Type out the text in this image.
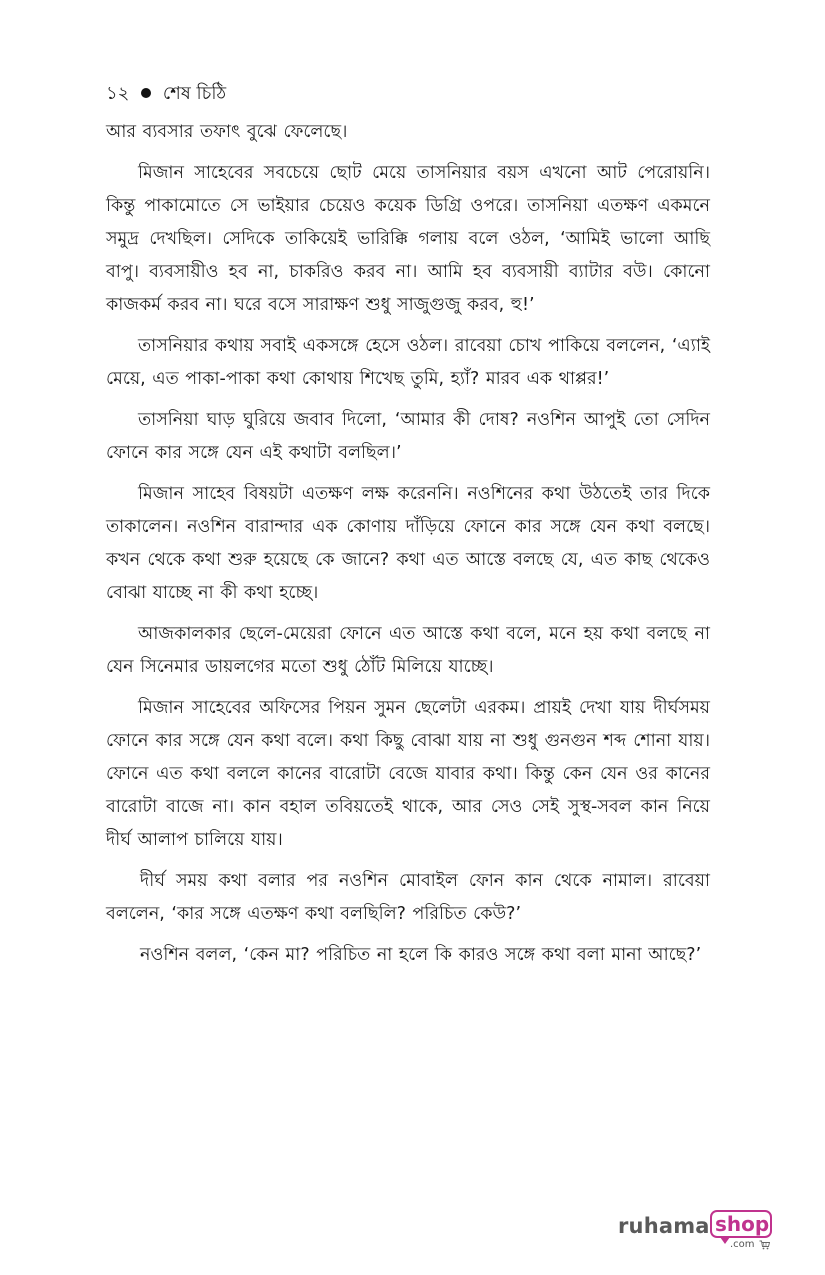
১২ শেষ চিঠি

আর ব্যবসার তফাৎ বুঝে ফেলেছে।

মিজান সাহেবের সবচেয়ে ছোট মেয়ে তাসনিয়ার বয়স এখনো আট পেরোয়নি। কিন্তু পাকামোতে সে ভাইয়ার চেয়েও কয়েক ডিগ্রি ওপরে। তাসনিয়া এতক্ষণ একমনে সমুদ্র দেখছিল। সেদিকে তাকিয়েই ভারিক্কি গলায় বলে ওঠল, ‘আমিই ভালো আছি বাপু। ব্যবসায়ীও হব না, চাকরিও করব না। আমি হব ব্যবসায়ী ব্যাটার বউ। কোনো কাজকর্ম করব না। ঘরে বসে সারাক্ষণ শুধু সাজুগুজু করব, হু!’

তাসনিয়ার কথায় সবাই একসঙ্গে হেসে ওঠল। রাবেয়া চোখ পাকিয়ে বললেন, ‘এ্যাই মেয়ে, এত পাকা-পাকা কথা কোথায় শিখেছ তুমি, হ্যাঁ? মারব এক থাপ্পর!’

তাসনিয়া ঘাড় ঘুরিয়ে জবাব দিলো, ‘আমার কী দোষ? নওশিন আপুই তো সেদিন ফোনে কার সঙ্গে যেন এই কথাটা বলছিল।’

মিজান সাহেব বিষয়টা এতক্ষণ লক্ষ করেননি। নওশিনের কথা উঠতেই তার দিকে তাকালেন। নওশিন বারান্দার এক কোণায় দাঁড়িয়ে ফোনে কার সঙ্গে যেন কথা বলছে। কখন থেকে কথা শুরু হয়েছে কে জানে? কথা এত আস্তে বলছে যে, এত কাছ থেকেও বোঝা যাচ্ছে না কী কথা হচ্ছে।

আজকালকার ছেলে-মেয়েরা ফোনে এত আস্তে কথা বলে, মনে হয় কথা বলছে না যেন সিনেমার ডায়লগের মতো শুধু ঠোঁট মিলিয়ে যাচ্ছে।

মিজান সাহেবের অফিসের পিয়ন সুমন ছেলেটা এরকম। প্রায়ই দেখা যায় দীর্ঘসময় ফোনে কার সঙ্গে যেন কথা বলে। কথা কিছু বোঝা যায় না শুধু গুনগুন শব্দ শোনা যায়। ফোনে এত কথা বললে কানের বারোটা বেজে যাবার কথা। কিন্তু কেন যেন ওর কানের বারোটা বাজে না। কান বহাল তবিয়তেই থাকে, আর সেও সেই সুস্থ-সবল কান নিয়ে দীর্ঘ আলাপ চালিয়ে যায়।

দীর্ঘ সময় কথা বলার পর নওশিন মোবাইল ফোন কান থেকে নামাল। রাবেয়া বললেন, ‘কার সঙ্গে এতক্ষণ কথা বলছিলি? পরিচিত কেউ?’

নওশিন বলল, ‘কেন মা? পরিচিত না হলে কি কারও সঙ্গে কথা বলা মানা আছে?’

ruhama shop
.com
